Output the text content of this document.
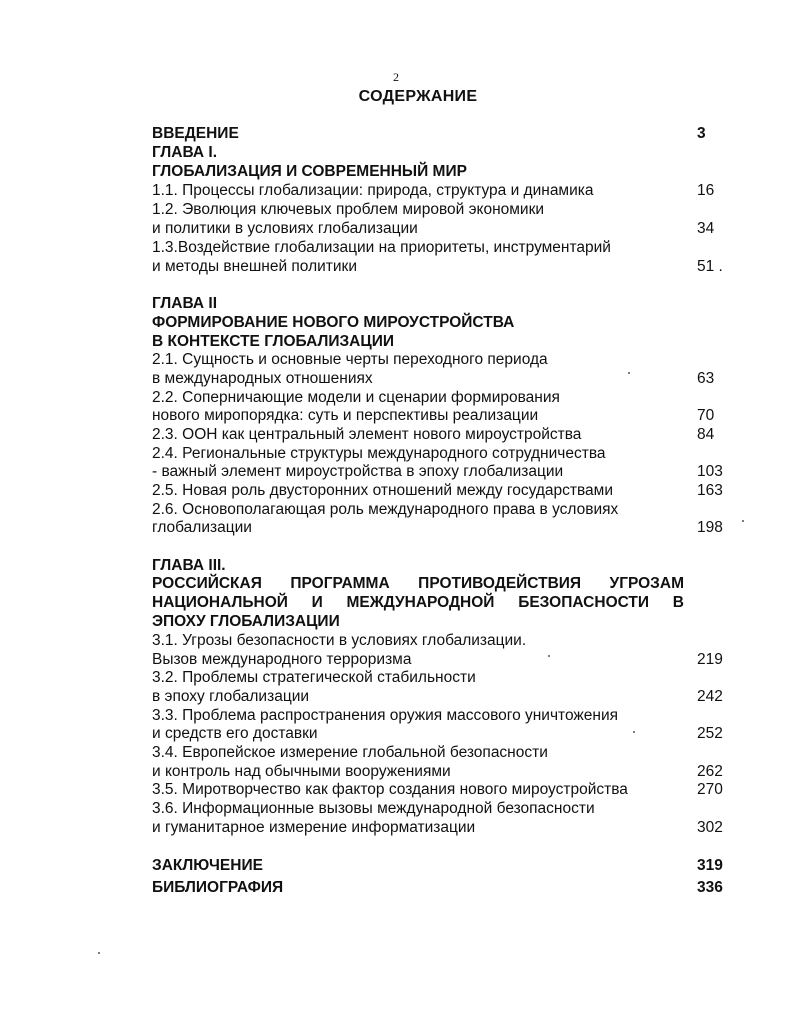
2
СОДЕРЖАНИЕ
ВВЕДЕНИЕ	3
ГЛАВА I.
ГЛОБАЛИЗАЦИЯ И СОВРЕМЕННЫЙ МИР
1.1. Процессы глобализации: природа, структура и динамика	16
1.2. Эволюция ключевых проблем мировой экономики
и политики в условиях глобализации	34
1.3.Воздействие глобализации на приоритеты, инструментарий
и методы внешней политики	51 .
ГЛАВА II
ФОРМИРОВАНИЕ НОВОГО МИРОУСТРОЙСТВА
В КОНТЕКСТЕ ГЛОБАЛИЗАЦИИ
2.1. Сущность и основные черты переходного периода
в международных отношениях	63
2.2. Соперничающие модели и сценарии формирования
нового миропорядка: суть и перспективы реализации	70
2.3. ООН как центральный элемент нового мироустройства	84
2.4. Региональные структуры международного сотрудничества
- важный элемент мироустройства в эпоху глобализации	103
2.5. Новая роль двусторонних отношений между государствами	163
2.6. Основополагающая роль международного права в условиях
глобализации	198
ГЛАВА III.
РОССИЙСКАЯ ПРОГРАММА ПРОТИВОДЕЙСТВИЯ УГРОЗАМ
НАЦИОНАЛЬНОЙ И МЕЖДУНАРОДНОЙ БЕЗОПАСНОСТИ В
ЭПОХУ ГЛОБАЛИЗАЦИИ
3.1. Угрозы безопасности в условиях глобализации.
Вызов международного терроризма	219
3.2. Проблемы стратегической стабильности
в эпоху глобализации	242
3.3. Проблема распространения оружия массового уничтожения
и средств его доставки	252
3.4. Европейское измерение глобальной безопасности
и контроль над обычными вооружениями	262
3.5. Миротворчество как фактор создания нового мироустройства	270
3.6. Информационные вызовы международной безопасности
и гуманитарное измерение информатизации	302
ЗАКЛЮЧЕНИЕ	319
БИБЛИОГРАФИЯ	336
